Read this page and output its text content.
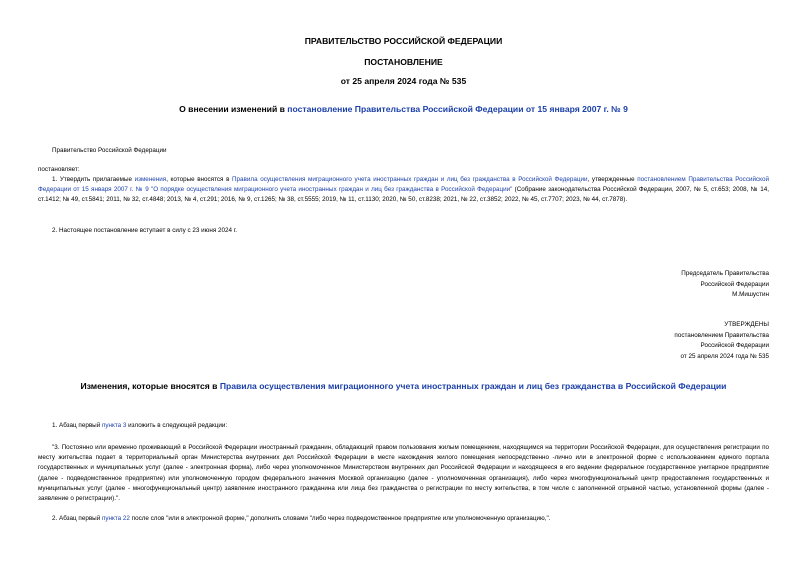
ПРАВИТЕЛЬСТВО РОССИЙСКОЙ ФЕДЕРАЦИИ
ПОСТАНОВЛЕНИЕ
от 25 апреля 2024 года № 535
О внесении изменений в постановление Правительства Российской Федерации от 15 января 2007 г. № 9
Правительство Российской Федерации
постановляет:
1. Утвердить прилагаемые изменения, которые вносятся в Правила осуществления миграционного учета иностранных граждан и лиц без гражданства в Российской Федерации, утвержденные постановлением Правительства Российской Федерации от 15 января 2007 г. № 9 "О порядке осуществления миграционного учета иностранных граждан и лиц без гражданства в Российской Федерации" (Собрание законодательства Российской Федерации, 2007, № 5, ст.653; 2008, № 14, ст.1412; № 49, ст.5841; 2011, № 32, ст.4848; 2013, № 4, ст.291; 2016, № 9, ст.1265; № 38, ст.5555; 2019, № 11, ст.1130; 2020, № 50, ст.8238; 2021, № 22, ст.3852; 2022, № 45, ст.7707; 2023, № 44, ст.7878).
2. Настоящее постановление вступает в силу с 23 июня 2024 г.
Председатель Правительства
Российской Федерации
М.Мишустин
УТВЕРЖДЕНЫ
постановлением Правительства
Российской Федерации
от 25 апреля 2024 года № 535
Изменения, которые вносятся в Правила осуществления миграционного учета иностранных граждан и лиц без гражданства в Российской Федерации
1. Абзац первый пункта 3 изложить в следующей редакции:
"3. Постоянно или временно проживающий в Российской Федерации иностранный гражданин, обладающий правом пользования жилым помещением, находящимся на территории Российской Федерации, для осуществления регистрации по месту жительства подает в территориальный орган Министерства внутренних дел Российской Федерации в месте нахождения жилого помещения непосредственно -лично или в электронной форме с использованием единого портала государственных и муниципальных услуг (далее - электронная форма), либо через уполномоченное Министерством внутренних дел Российской Федерации и находящееся в его ведении федеральное государственное унитарное предприятие (далее - подведомственное предприятие) или уполномоченную городом федерального значения Москвой организацию (далее - уполномоченная организация), либо через многофункциональный центр предоставления государственных и муниципальных услуг (далее - многофункциональный центр) заявление иностранного гражданина или лица без гражданства о регистрации по месту жительства, в том числе с заполненной отрывной частью, установленной формы (далее - заявление о регистрации).".
2. Абзац первый пункта 22 после слов "или в электронной форме," дополнить словами "либо через подведомственное предприятие или уполномоченную организацию,".
